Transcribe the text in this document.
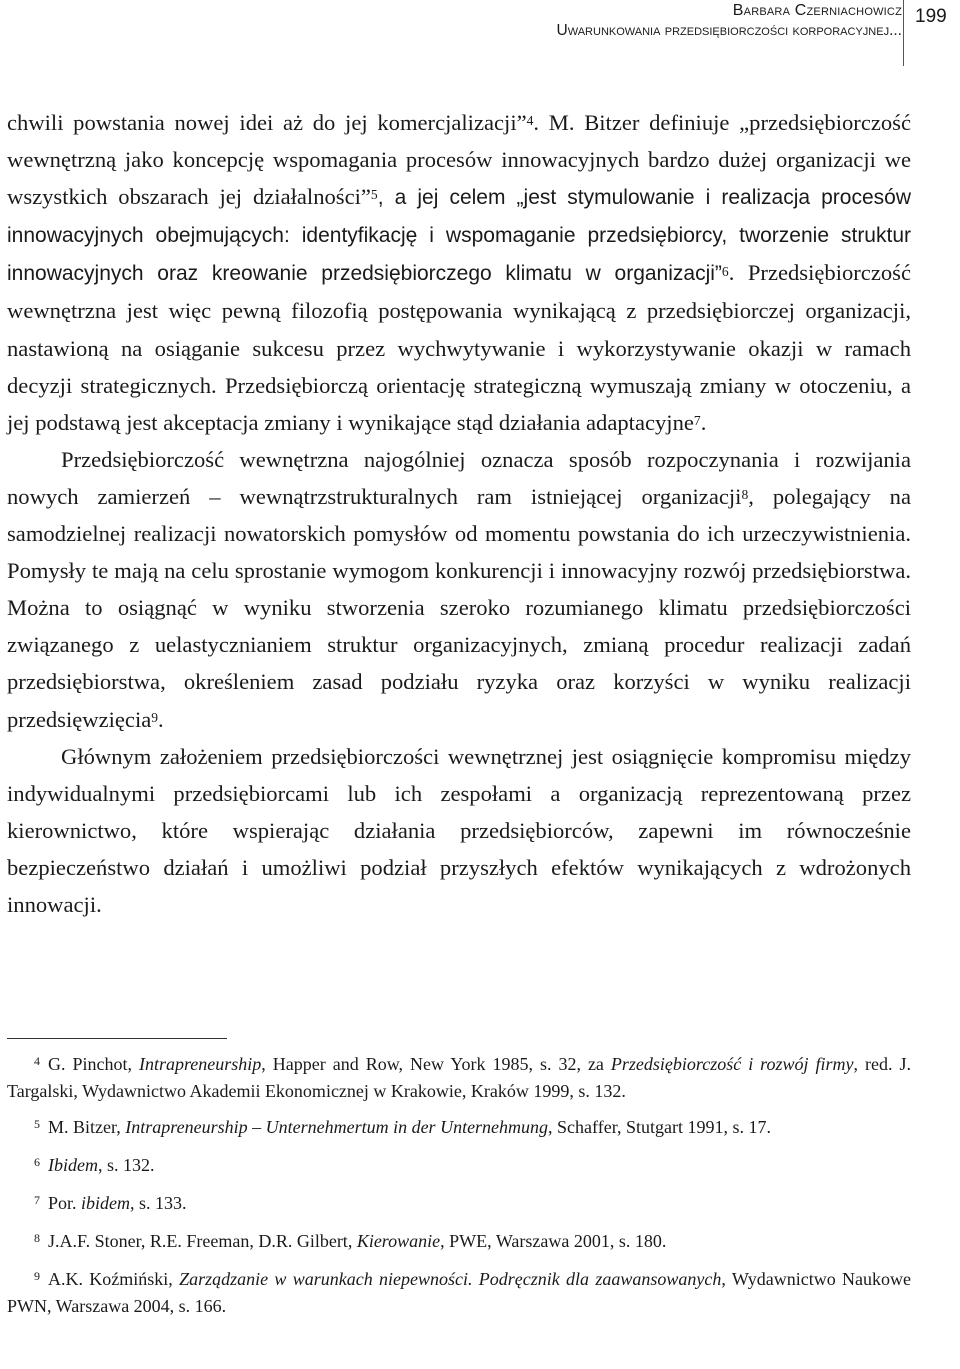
Barbara Czerniachowicz
Uwarunkowania przedsiębiorczości korporacyjnej...
199

chwili powstania nowej idei aż do jej komercjalizacji”$^4$. M. Bitzer definiuje „przedsiębiorczość wewnętrzną jako koncepcję wspomagania procesów innowacyjnych bardzo dużej organizacji we wszystkich obszarach jej działalności”$^5$, a jej celem „jest stymulowanie i realizacja procesów innowacyjnych obejmujących: identyfikację i wspomaganie przedsiębiorcy, tworzenie struktur innowacyjnych oraz kreowanie przedsiębiorczego klimatu w organizacji”$^6$. Przedsiębiorczość wewnętrzna jest więc pewną filozofią postępowania wynikającą z przedsiębiorczej organizacji, nastawioną na osiąganie sukcesu przez wychwytywanie i wykorzystywanie okazji w ramach decyzji strategicznych. Przedsiębiorczą orientację strategiczną wymuszają zmiany w otoczeniu, a jej podstawą jest akceptacja zmiany i wynikające stąd działania adaptacyjne$^7$.

Przedsiębiorczość wewnętrzna najogólniej oznacza sposób rozpoczynania i rozwijania nowych zamierzeń – wewnątrzstrukturalnych ram istniejącej organizacji$^8$, polegający na samodzielnej realizacji nowatorskich pomysłów od momentu powstania do ich urzeczywistnienia. Pomysły te mają na celu sprostanie wymogom konkurencji i innowacyjny rozwój przedsiębiorstwa. Można to osiągnąć w wyniku stworzenia szeroko rozumianego klimatu przedsiębiorczości związanego z uelastycznianiem struktur organizacyjnych, zmianą procedur realizacji zadań przedsiębiorstwa, określeniem zasad podziału ryzyka oraz korzyści w wyniku realizacji przedsięwzięcia$^9$.

Głównym założeniem przedsiębiorczości wewnętrznej jest osiągnięcie kompromisu między indywidualnymi przedsiębiorcami lub ich zespołami a organizacją reprezentowaną przez kierownictwo, które wspierając działania przedsiębiorców, zapewni im równocześnie bezpieczeństwo działań i umożliwi podział przyszłych efektów wynikających z wdrożonych innowacji.

4 G. Pinchot, Intrapreneurship, Happer and Row, New York 1985, s. 32, za Przedsiębiorczość i rozwój firmy, red. J. Targalski, Wydawnictwo Akademii Ekonomicznej w Krakowie, Kraków 1999, s. 132.

5 M. Bitzer, Intrapreneurship – Unternehmertum in der Unternehmung, Schaffer, Stutgart 1991, s. 17.

6 Ibidem, s. 132.

7 Por. ibidem, s. 133.

8 J.A.F. Stoner, R.E. Freeman, D.R. Gilbert, Kierowanie, PWE, Warszawa 2001, s. 180.

9 A.K. Koźmiński, Zarządzanie w warunkach niepewności. Podręcznik dla zaawansowanych, Wydawnictwo Naukowe PWN, Warszawa 2004, s. 166.
